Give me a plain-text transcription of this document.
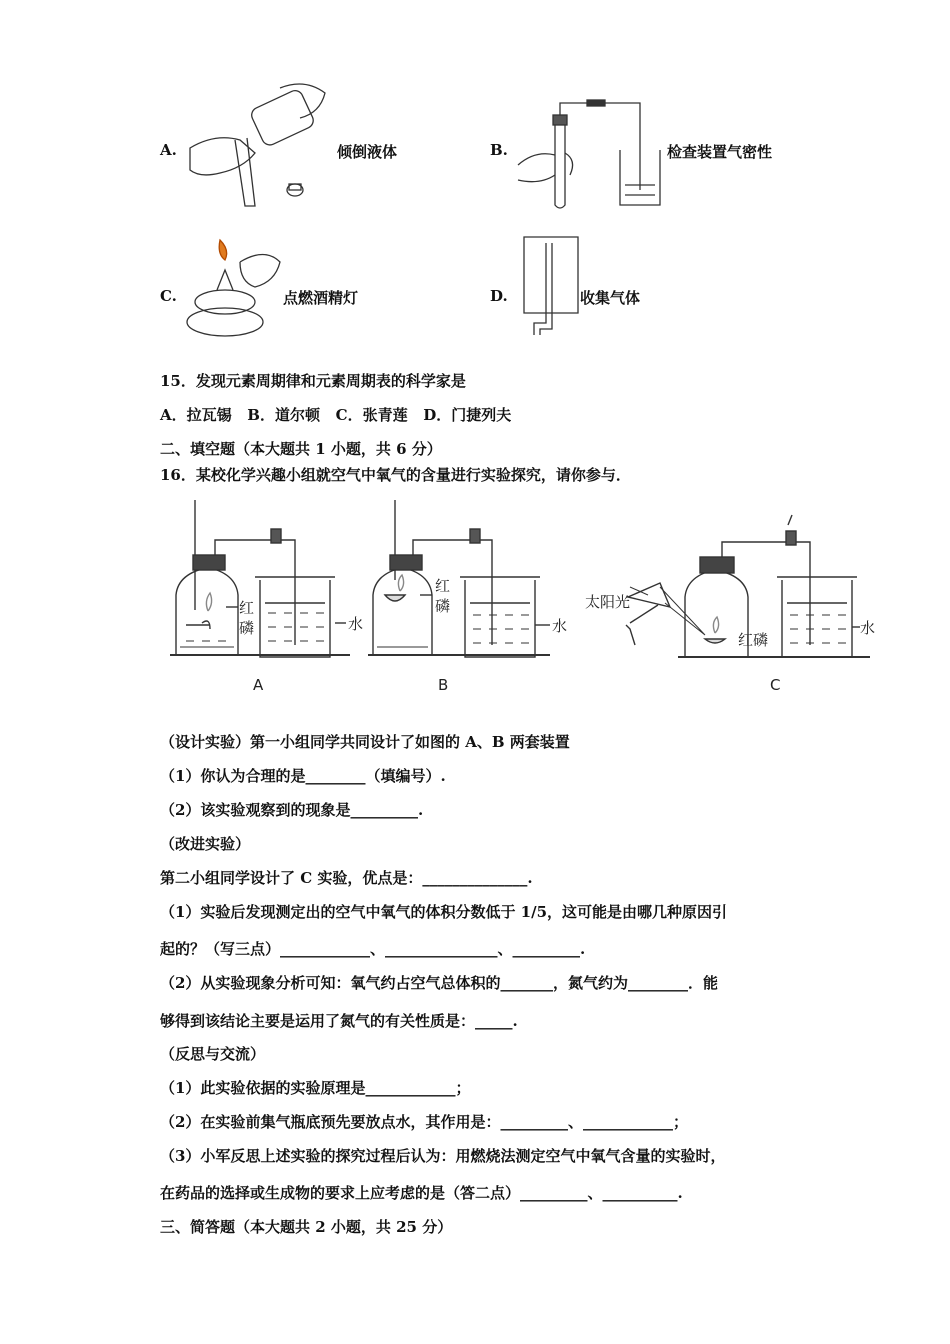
A.	倾倒液体	B.	检查装置气密性
C.	点燃酒精灯	D.	收集气体
15．发现元素周期律和元素周期表的科学家是
A．拉瓦锡   B．道尔顿   C．张青莲   D．门捷列夫
二、填空题（本大题共 1 小题，共 6 分）
16．某校化学兴趣小组就空气中氧气的含量进行实验探究，请你参与．
红
磷	水
红
磷
水
太阳光
红磷
水
A	B	C
（设计实验）第一小组同学共同设计了如图的 A、B 两套装置
（1）你认为合理的是________（填编号）.
（2）该实验观察到的现象是_________.
（改进实验）
第二小组同学设计了 C 实验，优点是：______________.
（1）实验后发现测定出的空气中氧气的体积分数低于 1/5，这可能是由哪几种原因引
起的？（写三点）____________、_______________、_________.
（2）从实验现象分析可知：氧气约占空气总体积的_______，氮气约为________．能
够得到该结论主要是运用了氮气的有关性质是：_____.
（反思与交流）
（1）此实验依据的实验原理是____________；
（2）在实验前集气瓶底预先要放点水，其作用是：_________、____________；
（3）小军反思上述实验的探究过程后认为：用燃烧法测定空气中氧气含量的实验时，
在药品的选择或生成物的要求上应考虑的是（答二点）_________、__________.
三、简答题（本大题共 2 小题，共 25 分）
